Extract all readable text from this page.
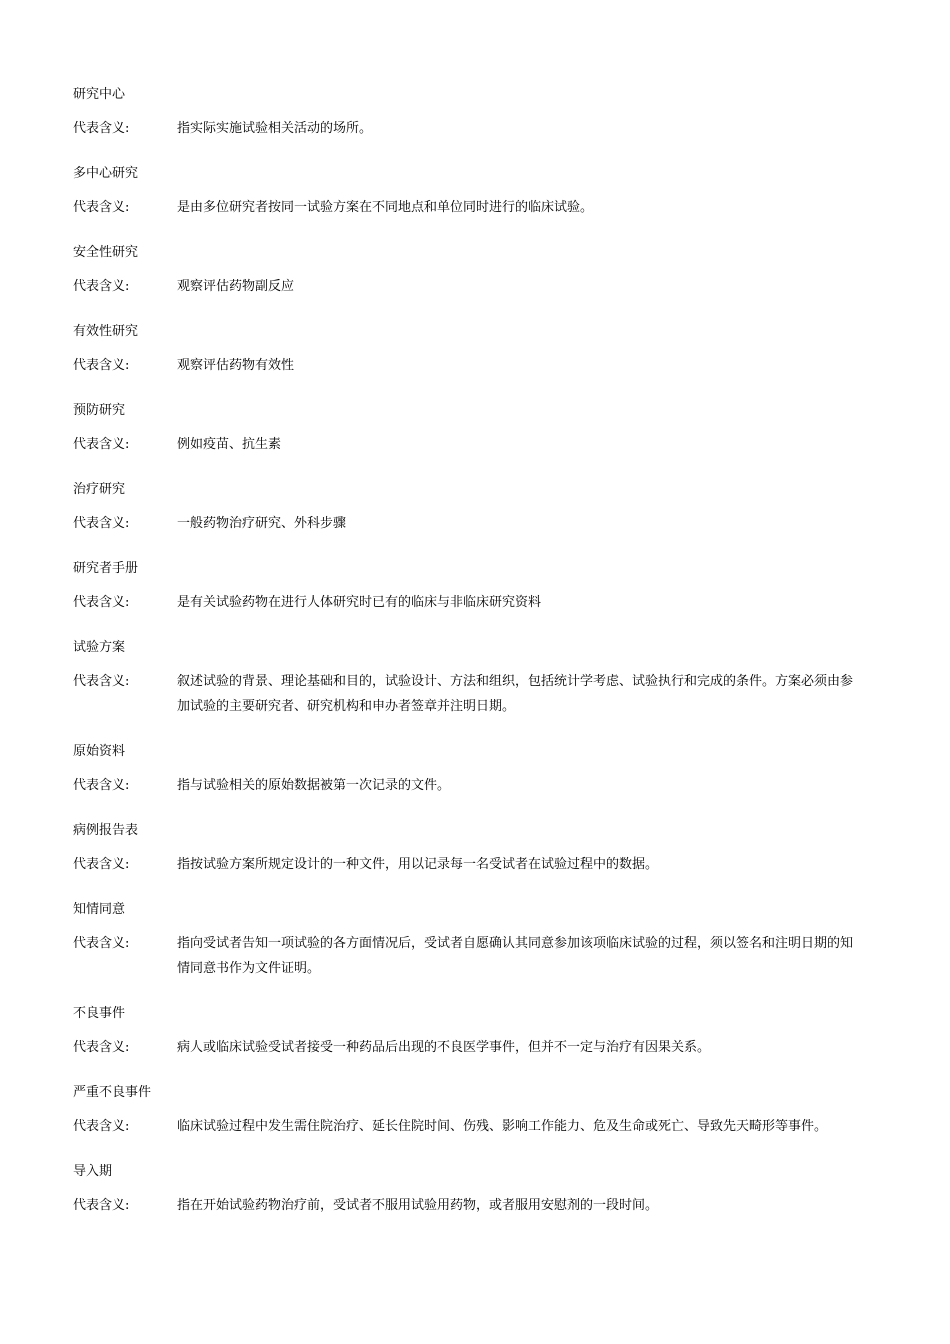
研究中心
代表含义:	指实际实施试验相关活动的场所。
多中心研究
代表含义:	是由多位研究者按同一试验方案在不同地点和单位同时进行的临床试验。
安全性研究
代表含义:	观察评估药物副反应
有效性研究
代表含义:	观察评估药物有效性
预防研究
代表含义:	例如疫苗、抗生素
治疗研究
代表含义:	一般药物治疗研究、外科步骤
研究者手册
代表含义:	是有关试验药物在进行人体研究时已有的临床与非临床研究资料
试验方案
代表含义:	叙述试验的背景、理论基础和目的，试验设计、方法和组织，包括统计学考虑、试验执行和完成的条件。方案必须由参加试验的主要研究者、研究机构和申办者签章并注明日期。
原始资料
代表含义:	指与试验相关的原始数据被第一次记录的文件。
病例报告表
代表含义:	指按试验方案所规定设计的一种文件，用以记录每一名受试者在试验过程中的数据。
知情同意
代表含义:	指向受试者告知一项试验的各方面情况后，受试者自愿确认其同意参加该项临床试验的过程，须以签名和注明日期的知情同意书作为文件证明。
不良事件
代表含义:	病人或临床试验受试者接受一种药品后出现的不良医学事件，但并不一定与治疗有因果关系。
严重不良事件
代表含义:	临床试验过程中发生需住院治疗、延长住院时间、伤残、影响工作能力、危及生命或死亡、导致先天畸形等事件。
导入期
代表含义:	指在开始试验药物治疗前，受试者不服用试验用药物，或者服用安慰剂的一段时间。
